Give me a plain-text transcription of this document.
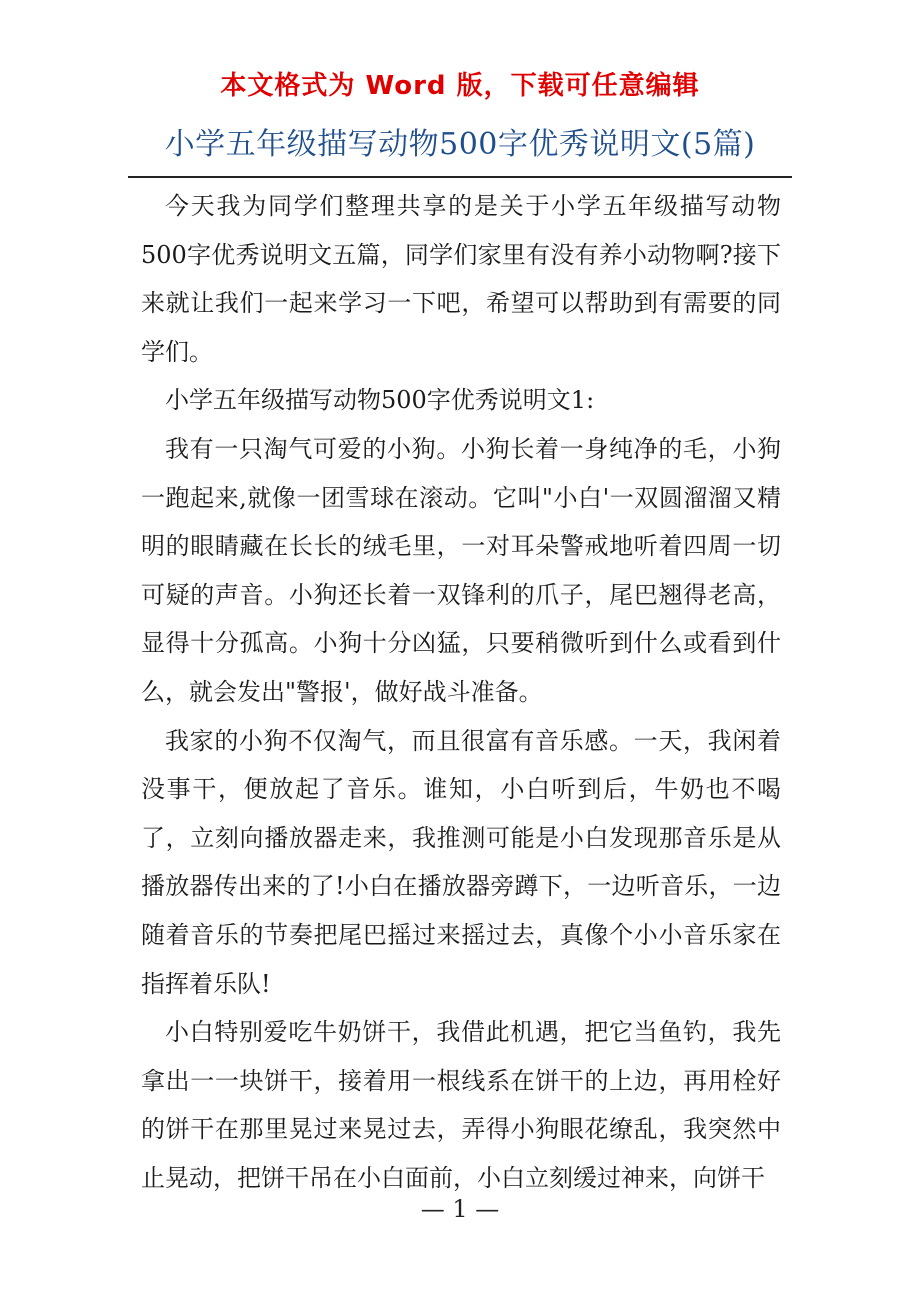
本文格式为 Word 版，下载可任意编辑
小学五年级描写动物500字优秀说明文(5篇)

今天我为同学们整理共享的是关于小学五年级描写动物500字优秀说明文五篇，同学们家里有没有养小动物啊?接下来就让我们一起来学习一下吧，希望可以帮助到有需要的同学们。

小学五年级描写动物500字优秀说明文1:

我有一只淘气可爱的小狗。小狗长着一身纯净的毛，小狗一跑起来,就像一团雪球在滚动。它叫"小白'一双圆溜溜又精明的眼睛藏在长长的绒毛里，一对耳朵警戒地听着四周一切可疑的声音。小狗还长着一双锋利的爪子，尾巴翘得老高，显得十分孤高。小狗十分凶猛，只要稍微听到什么或看到什么，就会发出"警报'，做好战斗准备。

我家的小狗不仅淘气，而且很富有音乐感。一天，我闲着没事干，便放起了音乐。谁知，小白听到后，牛奶也不喝了，立刻向播放器走来，我推测可能是小白发现那音乐是从播放器传出来的了!小白在播放器旁蹲下，一边听音乐，一边随着音乐的节奏把尾巴摇过来摇过去，真像个小小音乐家在指挥着乐队!

小白特别爱吃牛奶饼干，我借此机遇，把它当鱼钓，我先拿出一一块饼干，接着用一根线系在饼干的上边，再用栓好的饼干在那里晃过来晃过去，弄得小狗眼花缭乱，我突然中止晃动，把饼干吊在小白面前，小白立刻缓过神来，向饼干

— 1 —
